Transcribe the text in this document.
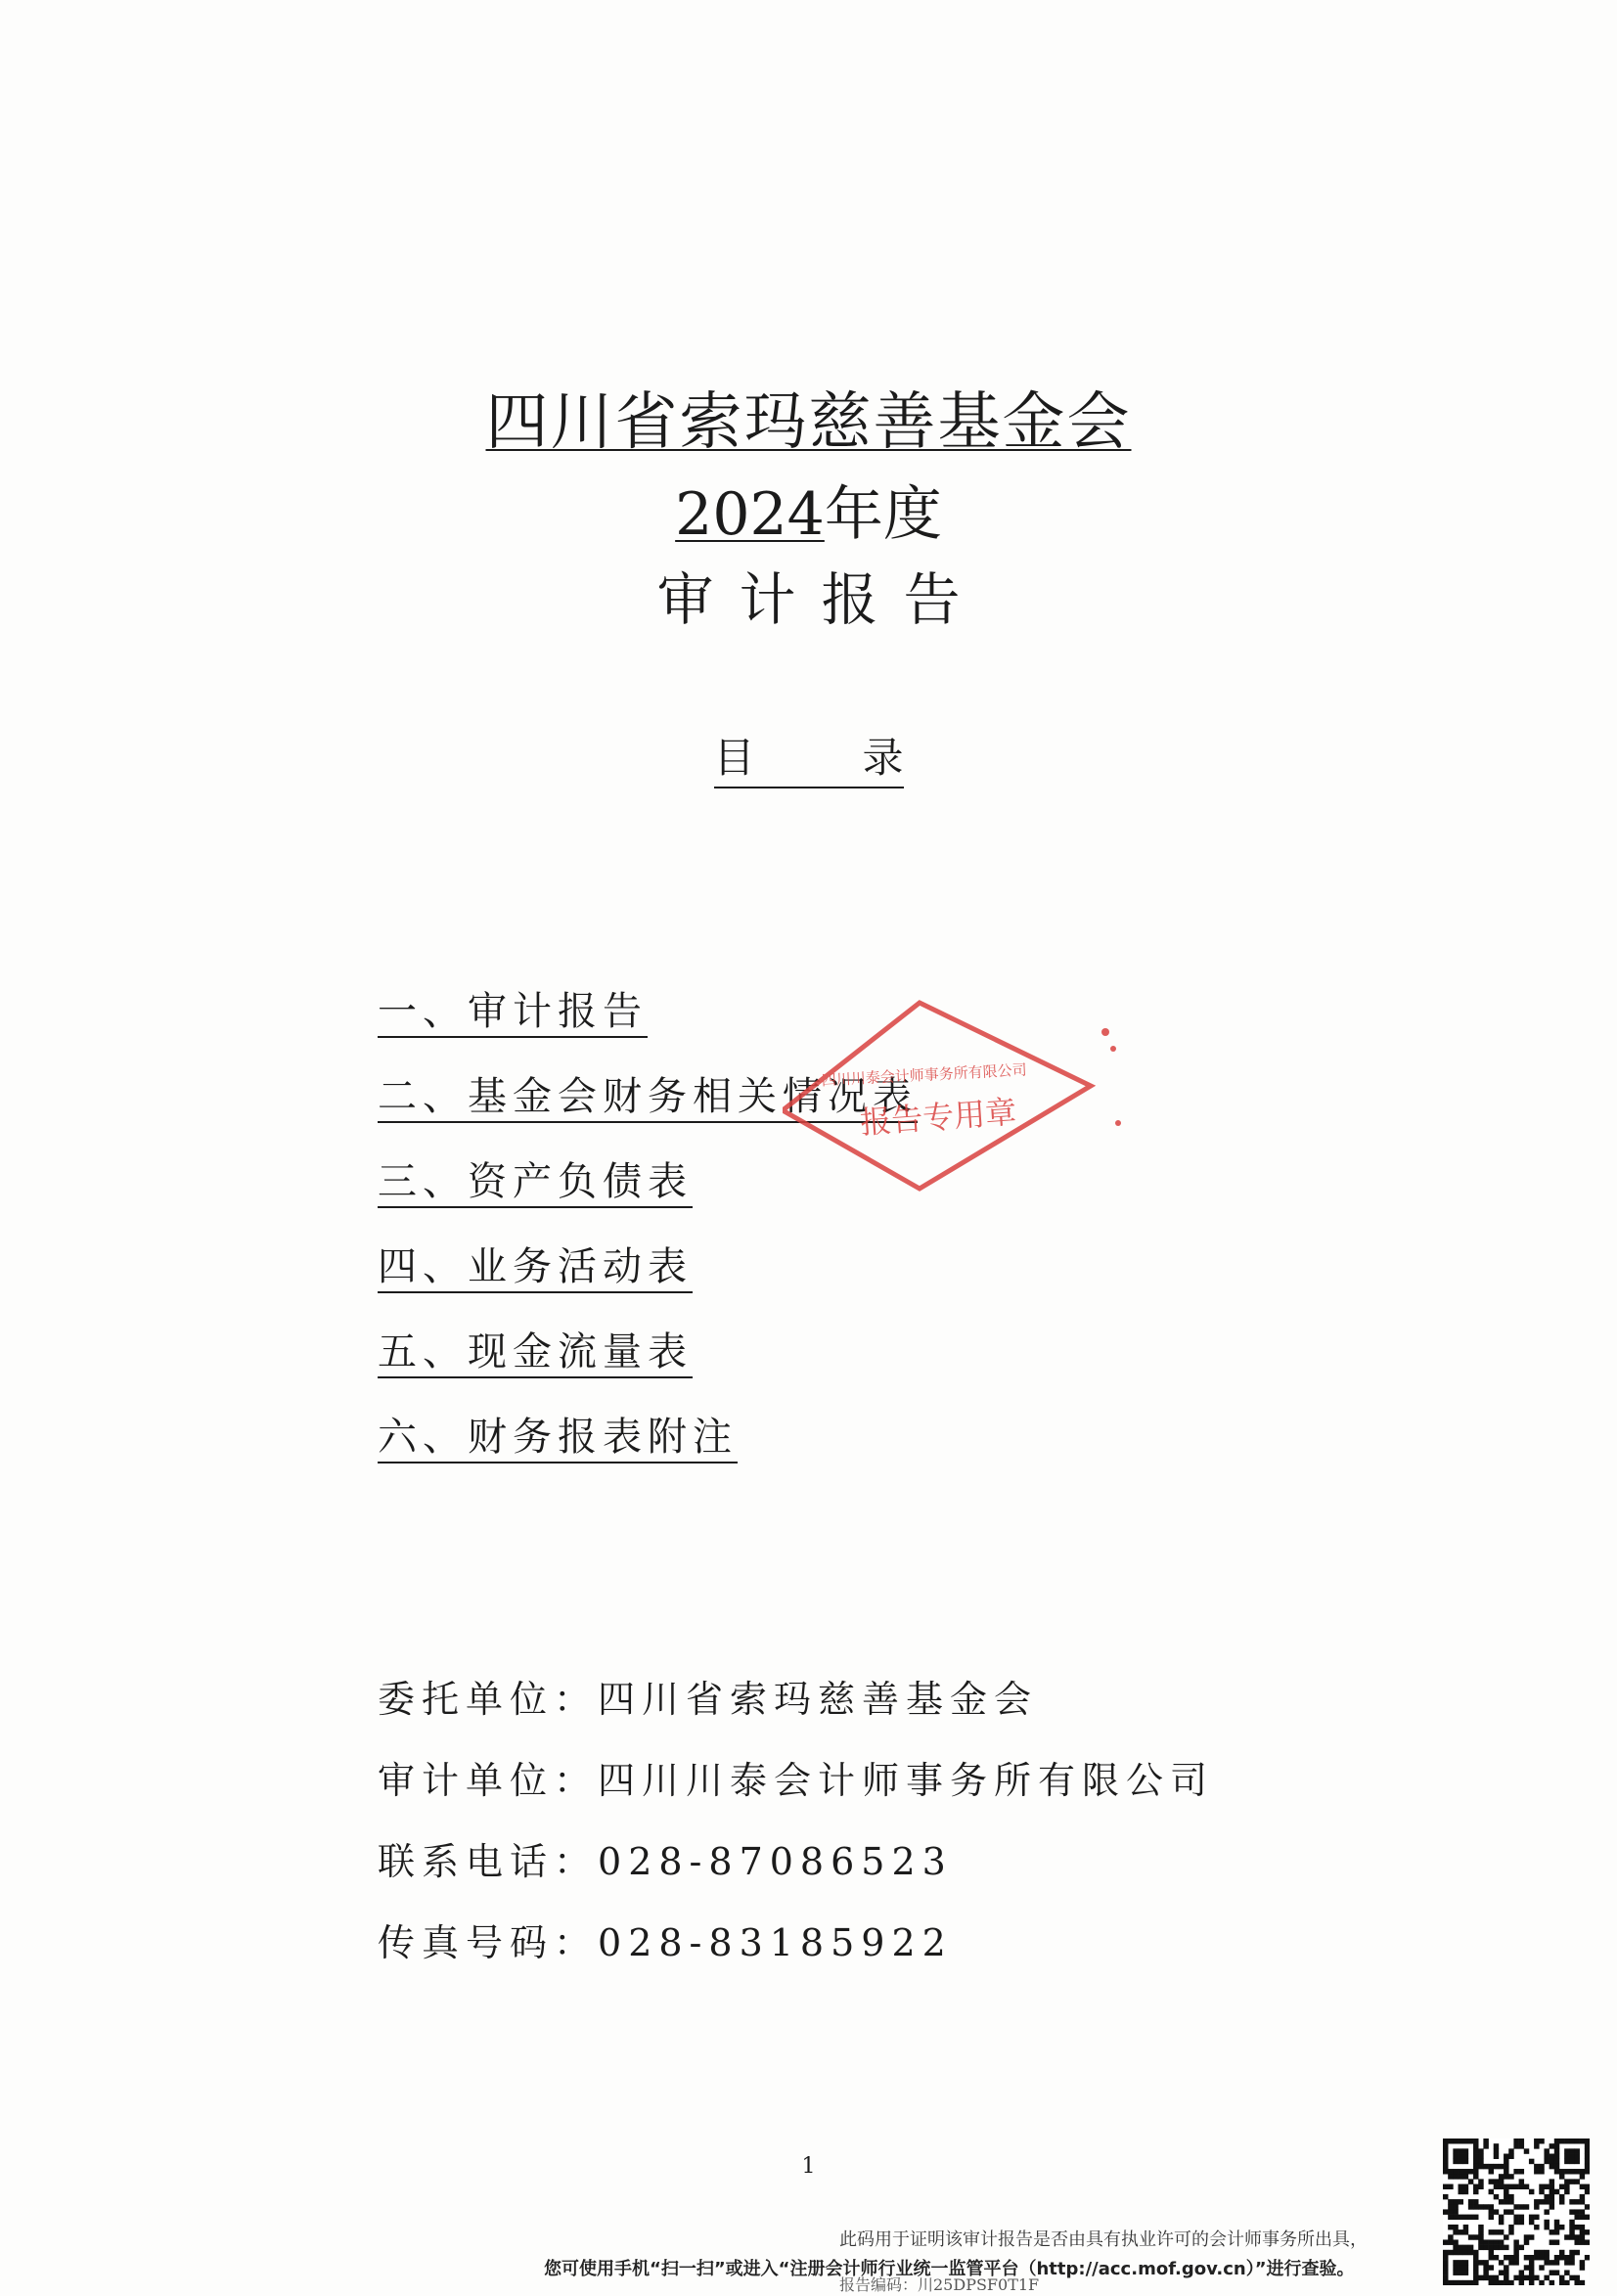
四川省索玛慈善基金会
2024年度
审计报告
目录
一、审计报告
二、基金会财务相关情况表
三、资产负债表
四、业务活动表
五、现金流量表
六、财务报表附注
四川川泰会计师事务所有限公司
报告专用章
委托单位：四川省索玛慈善基金会
审计单位：四川川泰会计师事务所有限公司
联系电话：028-87086523
传真号码：028-83185922
1
此码用于证明该审计报告是否由具有执业许可的会计师事务所出具，
报告编码：川25DPSF0T1F
您可使用手机“扫一扫”或进入“注册会计师行业统一监管平台（http://acc.mof.gov.cn）”进行查验。
